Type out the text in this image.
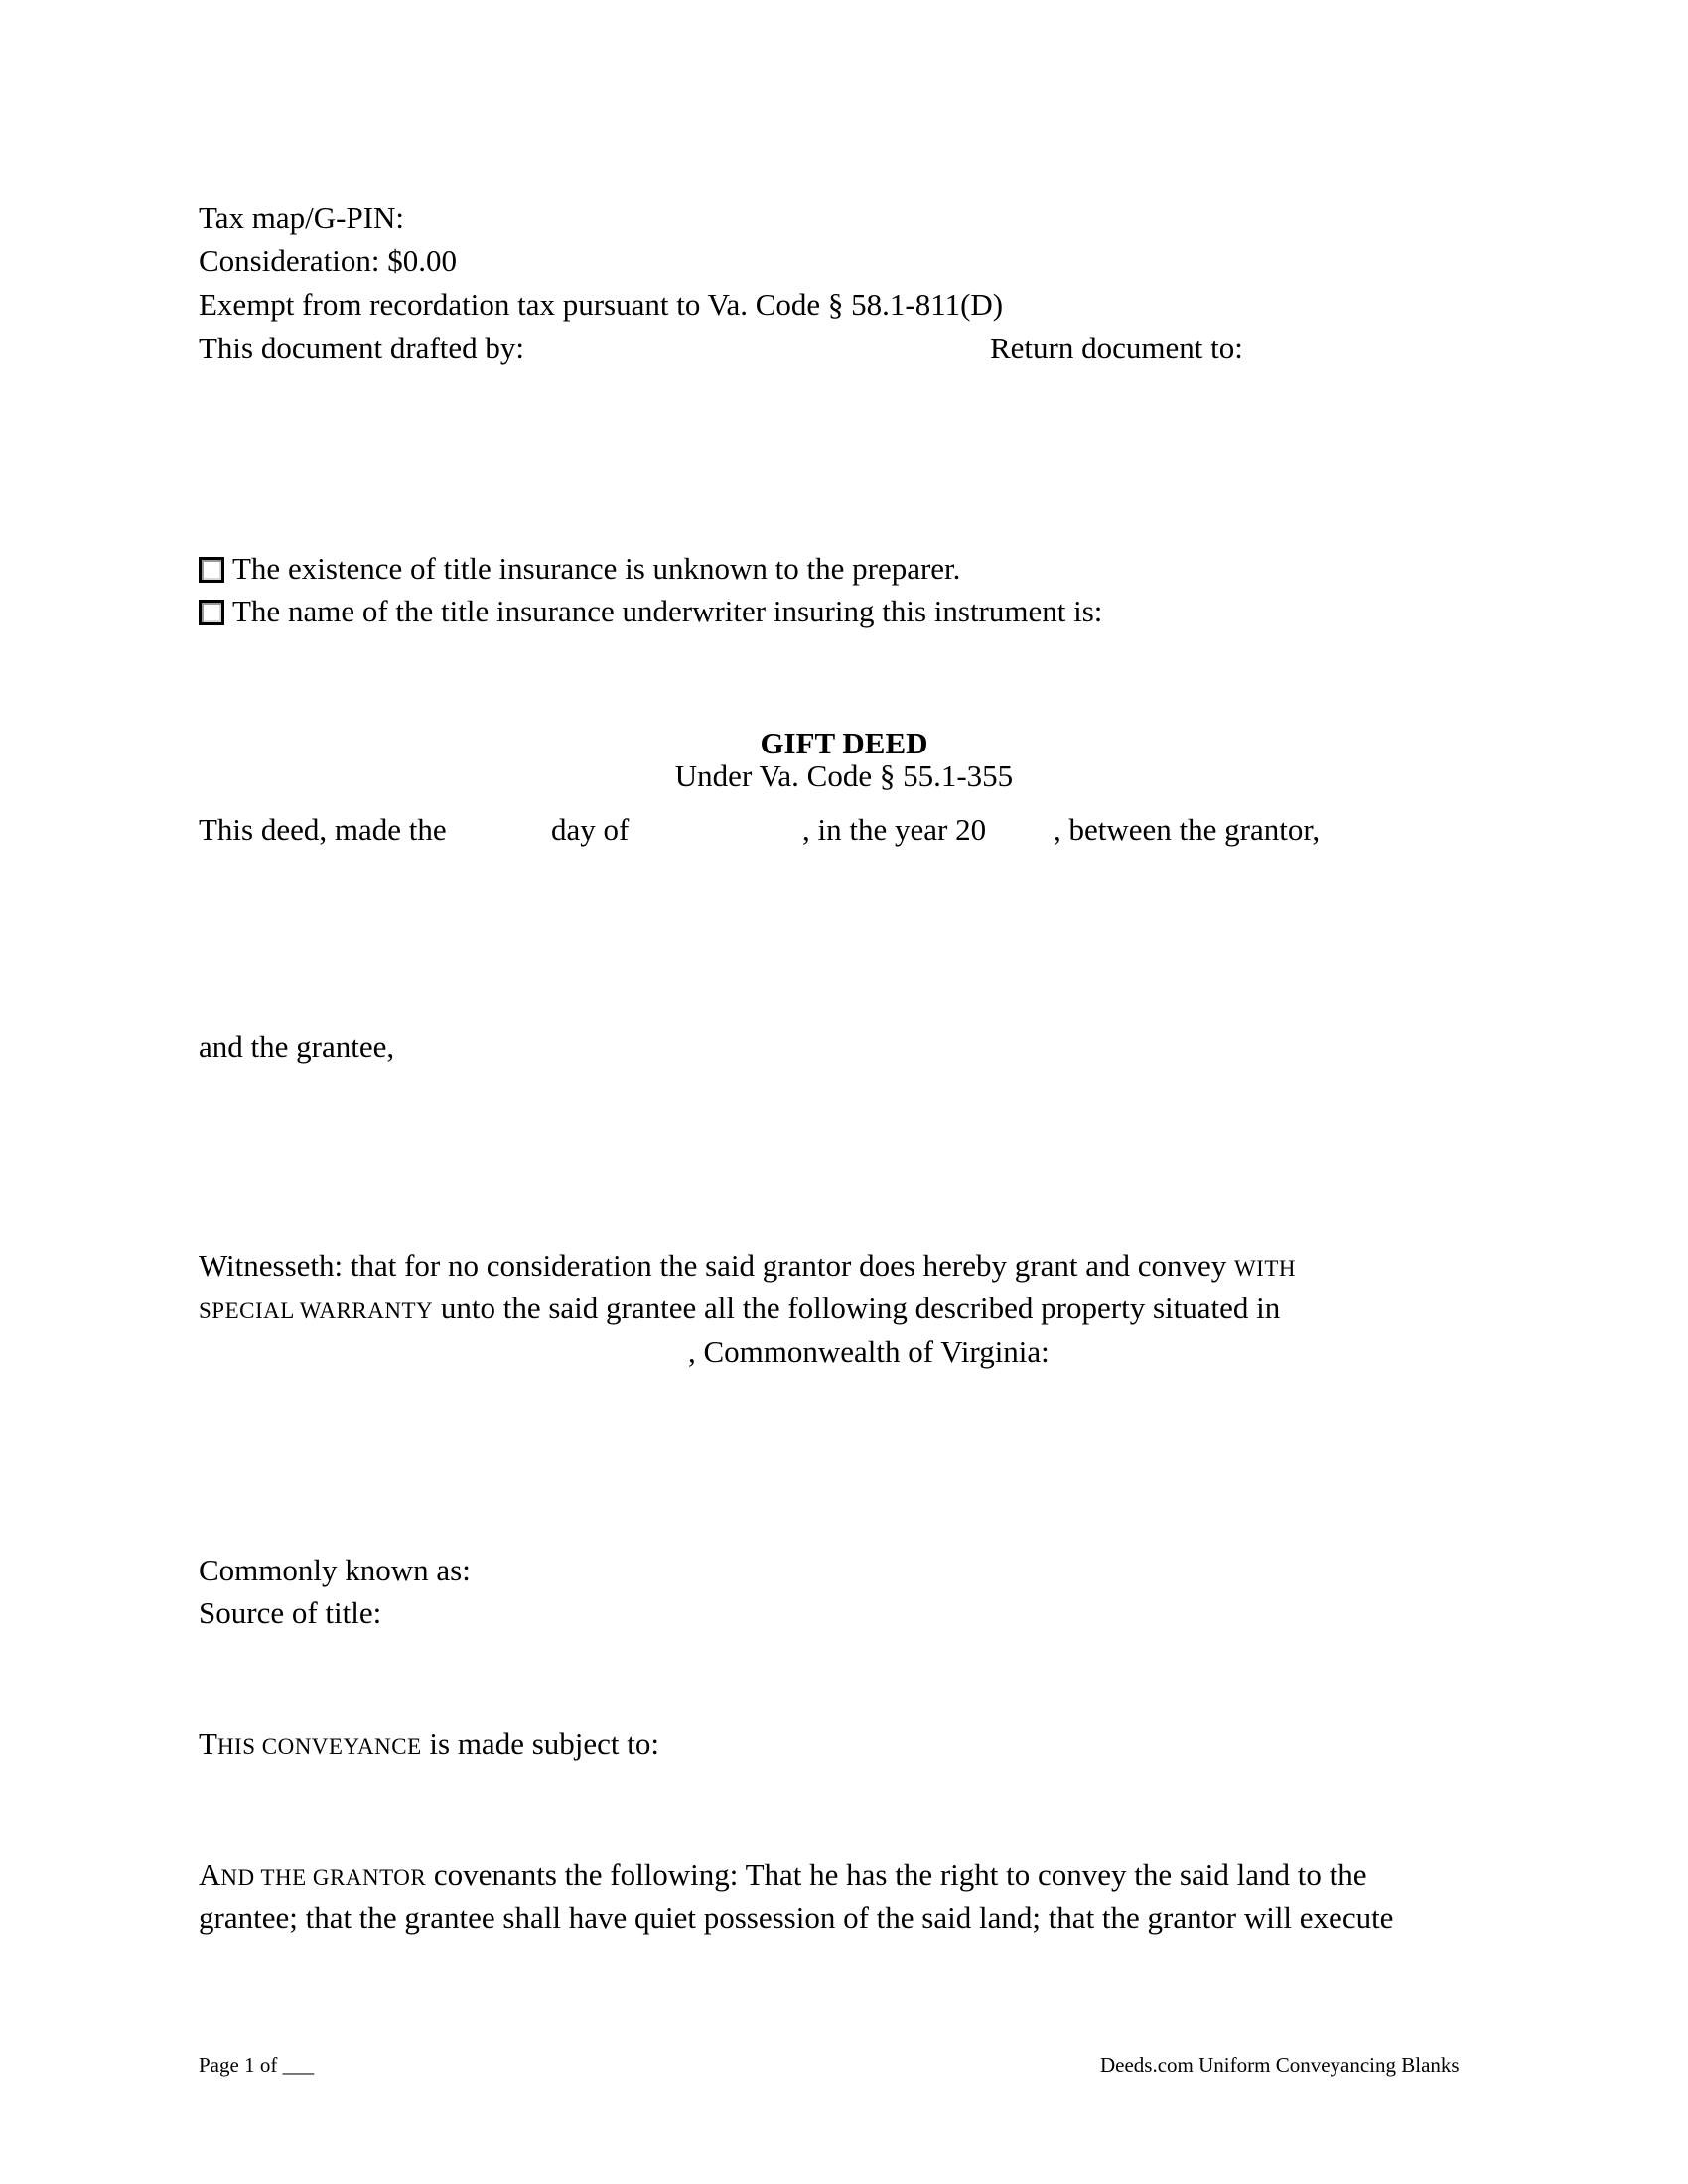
Tax map/G-PIN:
Consideration: $0.00
Exempt from recordation tax pursuant to Va. Code § 58.1-811(D)
This document drafted by:	Return document to:
The existence of title insurance is unknown to the preparer.
The name of the title insurance underwriter insuring this instrument is:
GIFT DEED
Under Va. Code § 55.1-355
This deed, made the	day of	, in the year 20 , between the grantor,
and the grantee,
Witnesseth: that for no consideration the said grantor does hereby grant and convey WITH
SPECIAL WARRANTY unto the said grantee all the following described property situated in
, Commonwealth of Virginia:
Commonly known as:
Source of title:
THIS CONVEYANCE is made subject to:
AND THE GRANTOR covenants the following: That he has the right to convey the said land to the
grantee; that the grantee shall have quiet possession of the said land; that the grantor will execute
Page 1 of ___	Deeds.com Uniform Conveyancing Blanks
